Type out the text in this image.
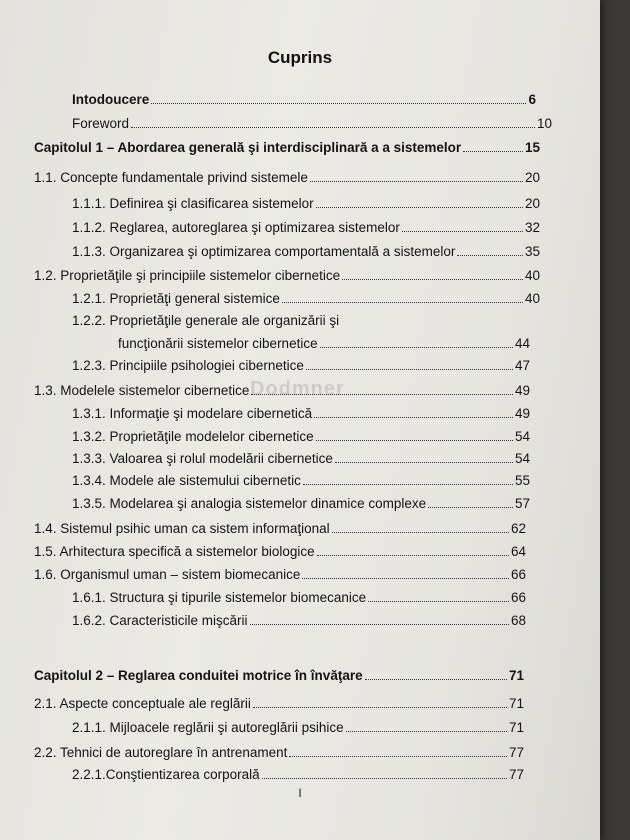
Cuprins
Dodmner
Intodoucere	6
Foreword	10
Capitolul 1 – Abordarea generală şi interdisciplinară a a sistemelor	15
1.1. Concepte fundamentale privind sistemele	20
1.1.1. Definirea şi clasificarea sistemelor	20
1.1.2. Reglarea, autoreglarea şi optimizarea sistemelor	32
1.1.3. Organizarea şi optimizarea comportamentală a sistemelor	35
1.2. Proprietăţile şi principiile sistemelor cibernetice	40
1.2.1. Proprietăţi general sistemice	40
1.2.2. Proprietăţile generale ale organizării şi
funcţionării sistemelor cibernetice	44
1.2.3. Principiile psihologiei cibernetice	47
1.3. Modelele sistemelor cibernetice	49
1.3.1. Informaţie şi modelare cibernetică	49
1.3.2. Proprietăţile modelelor cibernetice	54
1.3.3. Valoarea şi rolul modelării cibernetice	54
1.3.4. Modele ale sistemului cibernetic	55
1.3.5. Modelarea şi analogia sistemelor dinamice complexe	57
1.4. Sistemul psihic uman ca sistem informaţional	62
1.5. Arhitectura specifică a sistemelor biologice	64
1.6. Organismul uman – sistem biomecanice	66
1.6.1. Structura şi tipurile sistemelor biomecanice	66
1.6.2. Caracteristicile mişcării	68
Capitolul 2 – Reglarea conduitei motrice în învăţare	71
2.1. Aspecte conceptuale ale reglării	71
2.1.1. Mijloacele reglării şi autoreglării psihice	71
2.2. Tehnici de autoreglare în antrenament	77
2.2.1.Conştientizarea corporală	77
I
